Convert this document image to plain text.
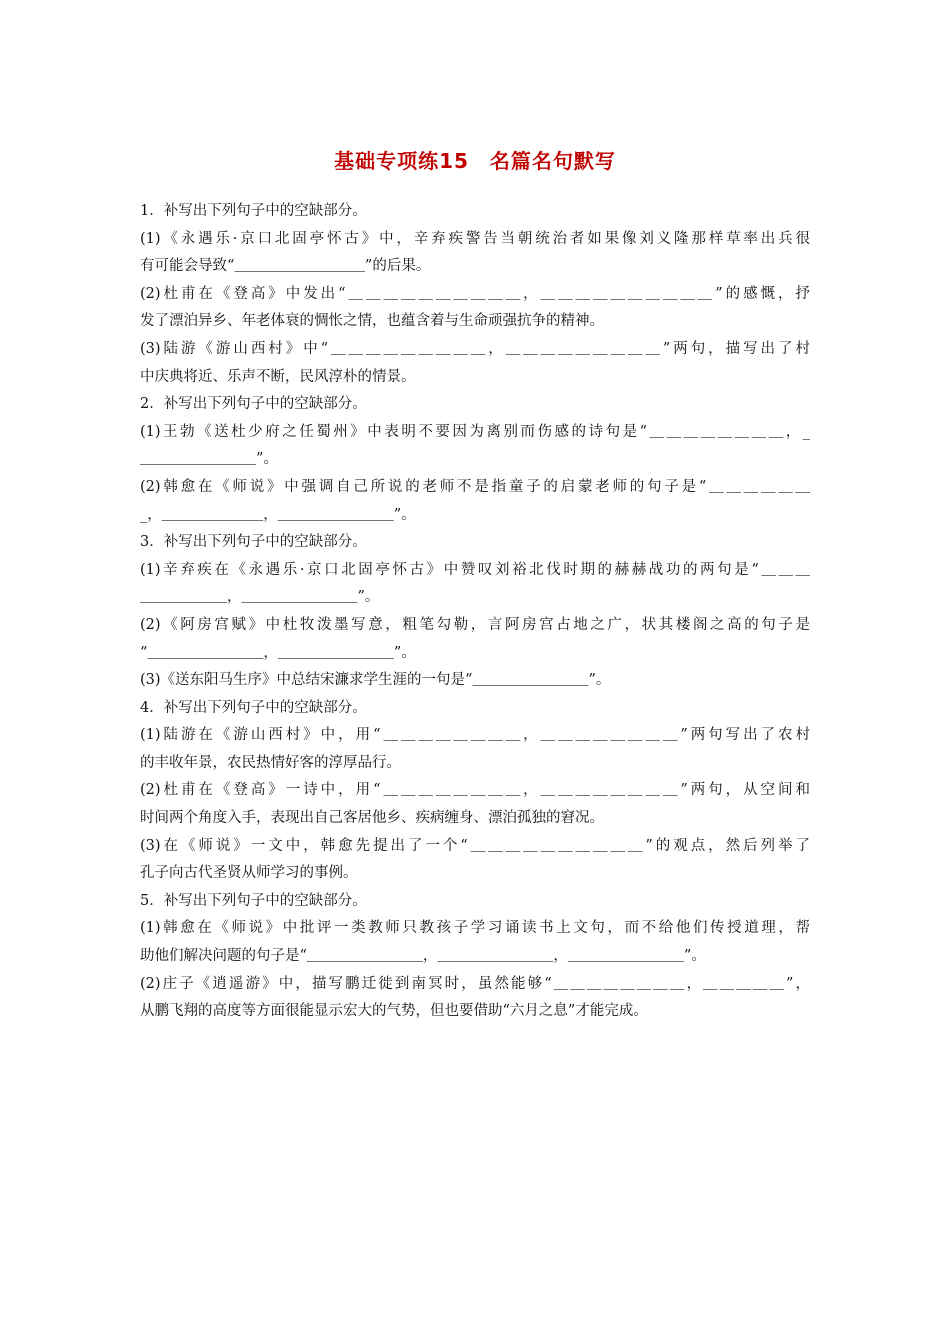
基础专项练15　名篇名句默写
1．补写出下列句子中的空缺部分。
(1)《永遇乐·京口北固亭怀古》中，辛弃疾警告当朝统治者如果像刘义隆那样草率出兵很
有可能会导致“＿＿＿＿＿＿＿＿＿”的后果。
(2)杜甫在《登高》中发出“＿＿＿＿＿＿＿＿＿＿，＿＿＿＿＿＿＿＿＿＿”的感慨，抒
发了漂泊异乡、年老体衰的惆怅之情，也蕴含着与生命顽强抗争的精神。
(3)陆游《游山西村》中“＿＿＿＿＿＿＿＿＿，＿＿＿＿＿＿＿＿＿”两句，描写出了村
中庆典将近、乐声不断，民风淳朴的情景。
2．补写出下列句子中的空缺部分。
(1)王勃《送杜少府之任蜀州》中表明不要因为离别而伤感的诗句是“＿＿＿＿＿＿＿＿，_
＿＿＿＿＿＿＿＿”。
(2)韩愈在《师说》中强调自己所说的老师不是指童子的启蒙老师的句子是“＿＿＿＿＿＿
_，＿＿＿＿＿＿＿，＿＿＿＿＿＿＿＿”。
3．补写出下列句子中的空缺部分。
(1)辛弃疾在《永遇乐·京口北固亭怀古》中赞叹刘裕北伐时期的赫赫战功的两句是“＿＿＿
＿＿＿＿＿＿，＿＿＿＿＿＿＿＿”。
(2)《阿房宫赋》中杜牧泼墨写意，粗笔勾勒，言阿房宫占地之广，状其楼阁之高的句子是
“＿＿＿＿＿＿＿＿，＿＿＿＿＿＿＿＿”。
(3)《送东阳马生序》中总结宋濂求学生涯的一句是“＿＿＿＿＿＿＿＿”。
4．补写出下列句子中的空缺部分。
(1)陆游在《游山西村》中，用“＿＿＿＿＿＿＿＿，＿＿＿＿＿＿＿＿”两句写出了农村
的丰收年景，农民热情好客的淳厚品行。
(2)杜甫在《登高》一诗中，用“＿＿＿＿＿＿＿＿，＿＿＿＿＿＿＿＿”两句，从空间和
时间两个角度入手，表现出自己客居他乡、疾病缠身、漂泊孤独的窘况。
(3)在《师说》一文中，韩愈先提出了一个“＿＿＿＿＿＿＿＿＿＿”的观点，然后列举了
孔子向古代圣贤从师学习的事例。
5．补写出下列句子中的空缺部分。
(1)韩愈在《师说》中批评一类教师只教孩子学习诵读书上文句，而不给他们传授道理，帮
助他们解决问题的句子是“＿＿＿＿＿＿＿＿，＿＿＿＿＿＿＿＿，＿＿＿＿＿＿＿＿”。
(2)庄子《逍遥游》中，描写鹏迁徙到南冥时，虽然能够“＿＿＿＿＿＿＿＿，＿＿＿＿＿”，
从鹏飞翔的高度等方面很能显示宏大的气势，但也要借助“六月之息”才能完成。
